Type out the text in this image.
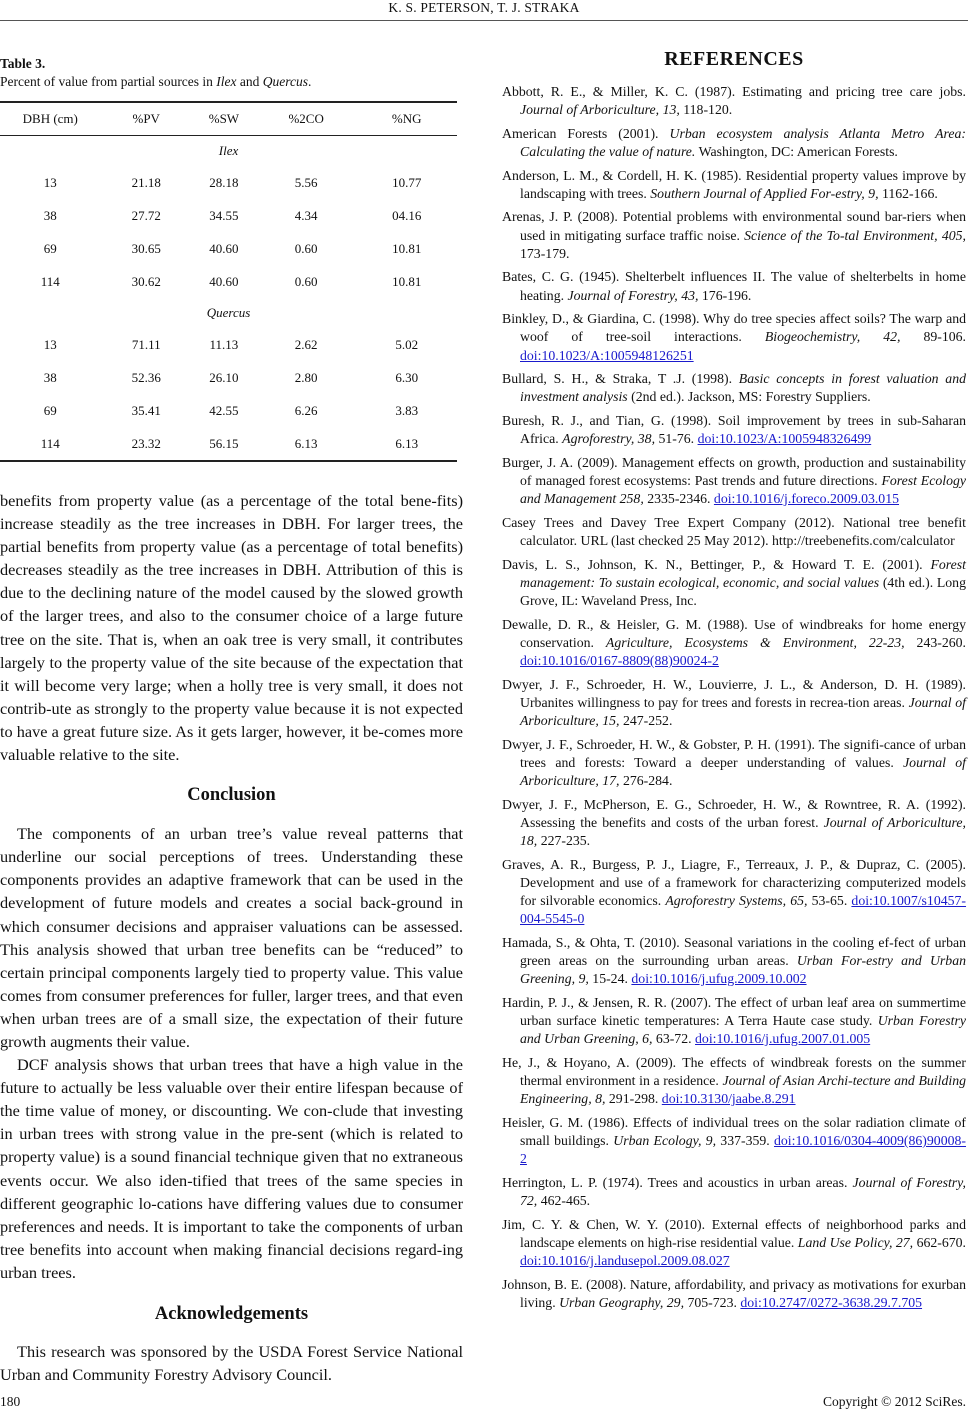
K. S. PETERSON, T. J. STRAKA
Table 3.
Percent of value from partial sources in Ilex and Quercus.
DBH (cm)	%PV	%SW	%2CO	%NG
Ilex				
13	21.18	28.18	5.56	10.77
38	27.72	34.55	4.34	04.16
69	30.65	40.60	0.60	10.81
114	30.62	40.60	0.60	10.81
Quercus				
13	71.11	11.13	2.62	5.02
38	52.36	26.10	2.80	6.30
69	35.41	42.55	6.26	3.83
114	23.32	56.15	6.13	6.13

benefits from property value (as a percentage of the total bene-fits) increase steadily as the tree increases in DBH. For larger trees, the partial benefits from property value (as a percentage of total benefits) decreases steadily as the tree increases in DBH. Attribution of this is due to the declining nature of the model caused by the slowed growth of the larger trees, and also to the consumer choice of a large future tree on the site. That is, when an oak tree is very small, it contributes largely to the property value of the site because of the expectation that it will become very large; when a holly tree is very small, it does not contrib-ute as strongly to the property value because it is not expected to have a great future size. As it gets larger, however, it be-comes more valuable relative to the site.

Conclusion

The components of an urban tree’s value reveal patterns that underline our social perceptions of trees. Understanding these components provides an adaptive framework that can be used in the development of future models and creates a social back-ground in which consumer decisions and appraiser valuations can be assessed. This analysis showed that urban tree benefits can be “reduced” to certain principal components largely tied to property value. This value comes from consumer preferences for fuller, larger trees, and that even when urban trees are of a small size, the expectation of their future growth augments their value.

DCF analysis shows that urban trees that have a high value in the future to actually be less valuable over their entire lifespan because of the time value of money, or discounting. We con-clude that investing in urban trees with strong value in the pre-sent (which is related to property value) is a sound financial technique given that no extraneous events occur. We also iden-tified that trees of the same species in different geographic lo-cations have differing values due to consumer preferences and needs. It is important to take the components of urban tree benefits into account when making financial decisions regard-ing urban trees.

Acknowledgements

This research was sponsored by the USDA Forest Service National Urban and Community Forestry Advisory Council.

REFERENCES

Abbott, R. E., & Miller, K. C. (1987). Estimating and pricing tree care jobs. Journal of Arboriculture, 13, 118-120.

American Forests (2001). Urban ecosystem analysis Atlanta Metro Area: Calculating the value of nature. Washington, DC: American Forests.

Anderson, L. M., & Cordell, H. K. (1985). Residential property values improve by landscaping with trees. Southern Journal of Applied For-estry, 9, 1162-166.

Arenas, J. P. (2008). Potential problems with environmental sound bar-riers when used in mitigating surface traffic noise. Science of the To-tal Environment, 405, 173-179.

Bates, C. G. (1945). Shelterbelt influences II. The value of shelterbelts in home heating. Journal of Forestry, 43, 176-196.

Binkley, D., & Giardina, C. (1998). Why do tree species affect soils? The warp and woof of tree-soil interactions. Biogeochemistry, 42, 89-106. doi:10.1023/A:1005948126251

Bullard, S. H., & Straka, T .J. (1998). Basic concepts in forest valuation and investment analysis (2nd ed.). Jackson, MS: Forestry Suppliers.

Buresh, R. J., and Tian, G. (1998). Soil improvement by trees in sub-Saharan Africa. Agroforestry, 38, 51-76. doi:10.1023/A:1005948326499

Burger, J. A. (2009). Management effects on growth, production and sustainability of managed forest ecosystems: Past trends and future directions. Forest Ecology and Management 258, 2335-2346. doi:10.1016/j.foreco.2009.03.015

Casey Trees and Davey Tree Expert Company (2012). National tree benefit calculator. URL (last checked 25 May 2012). http://treebenefits.com/calculator

Davis, L. S., Johnson, K. N., Bettinger, P., & Howard T. E. (2001). Forest management: To sustain ecological, economic, and social values (4th ed.). Long Grove, IL: Waveland Press, Inc.

Dewalle, D. R., & Heisler, G. M. (1988). Use of windbreaks for home energy conservation. Agriculture, Ecosystems & Environment, 22-23, 243-260. doi:10.1016/0167-8809(88)90024-2

Dwyer, J. F., Schroeder, H. W., Louvierre, J. L., & Anderson, D. H. (1989). Urbanites willingness to pay for trees and forests in recrea-tion areas. Journal of Arboriculture, 15, 247-252.

Dwyer, J. F., Schroeder, H. W., & Gobster, P. H. (1991). The signifi-cance of urban trees and forests: Toward a deeper understanding of values. Journal of Arboriculture, 17, 276-284.

Dwyer, J. F., McPherson, E. G., Schroeder, H. W., & Rowntree, R. A. (1992). Assessing the benefits and costs of the urban forest. Journal of Arboriculture, 18, 227-235.

Graves, A. R., Burgess, P. J., Liagre, F., Terreaux, J. P., & Dupraz, C. (2005). Development and use of a framework for characterizing computerized models for silvorable economics. Agroforestry Systems, 65, 53-65. doi:10.1007/s10457-004-5545-0

Hamada, S., & Ohta, T. (2010). Seasonal variations in the cooling ef-fect of urban green areas on the surrounding urban areas. Urban For-estry and Urban Greening, 9, 15-24. doi:10.1016/j.ufug.2009.10.002

Hardin, P. J., & Jensen, R. R. (2007). The effect of urban leaf area on summertime urban surface kinetic temperatures: A Terra Haute case study. Urban Forestry and Urban Greening, 6, 63-72. doi:10.1016/j.ufug.2007.01.005

He, J., & Hoyano, A. (2009). The effects of windbreak forests on the summer thermal environment in a residence. Journal of Asian Archi-tecture and Building Engineering, 8, 291-298. doi:10.3130/jaabe.8.291

Heisler, G. M. (1986). Effects of individual trees on the solar radiation climate of small buildings. Urban Ecology, 9, 337-359. doi:10.1016/0304-4009(86)90008-2

Herrington, L. P. (1974). Trees and acoustics in urban areas. Journal of Forestry, 72, 462-465.

Jim, C. Y. & Chen, W. Y. (2010). External effects of neighborhood parks and landscape elements on high-rise residential value. Land Use Policy, 27, 662-670. doi:10.1016/j.landusepol.2009.08.027

Johnson, B. E. (2008). Nature, affordability, and privacy as motivations for exurban living. Urban Geography, 29, 705-723. doi:10.2747/0272-3638.29.7.705

180	Copyright © 2012 SciRes.
